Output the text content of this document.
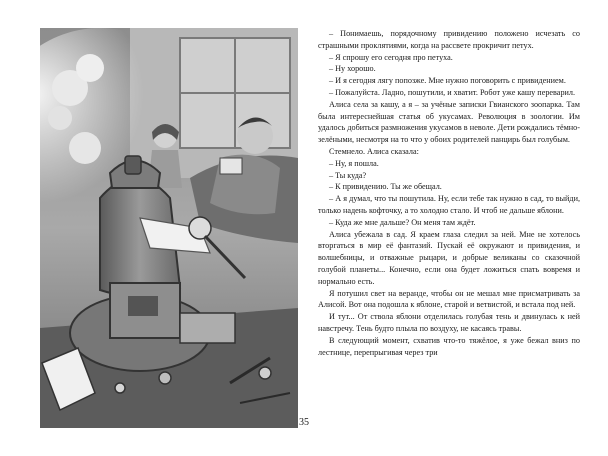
– Понимаешь, порядочному привидению положено исчезать со страшными проклятиями, когда на рассвете прокричит петух.

– Я спрошу его сегодня про петуха.

– Ну хорошо.

– И я сегодня лягу попозже. Мне нужно поговорить с привидением.

– Пожалуйста. Ладно, пошутили, и хватит. Робот уже кашу переварил.

Алиса села за кашу, а я – за учёные записки Гвианского зоопарка. Там была интереснейшая статья об укусамах. Революция в зоологии. Им удалось добиться размножения укусамов в неволе. Дети рождались тёмно-зелёными, несмотря на то что у обоих родителей панцирь был голубым.

Стемнело. Алиса сказала:

– Ну, я пошла.

– Ты куда?

– К привидению. Ты же обещал.

– А я думал, что ты пошутила. Ну, если тебе так нужно в сад, то выйди, только надень кофточку, а то холодно стало. И чтоб не дальше яблони.

– Куда же мне дальше? Он меня там ждёт.

Алиса убежала в сад. Я краем глаза следил за ней. Мне не хотелось вторгаться в мир её фантазий. Пускай её окружают и привидения, и волшебницы, и отважные рыцари, и добрые великаны со сказочной голубой планеты... Конечно, если она будет ложиться спать вовремя и нормально есть.

Я потушил свет на веранде, чтобы он не мешал мне присматривать за Алисой. Вот она подошла к яблоне, старой и ветвистой, и встала под ней.

И тут... От ствола яблони отделилась голубая тень и двинулась к ней навстречу. Тень будто плыла по воздуху, не касаясь травы.

В следующий момент, схватив что-то тяжёлое, я уже бежал вниз по лестнице, перепрыгивая через три

35
